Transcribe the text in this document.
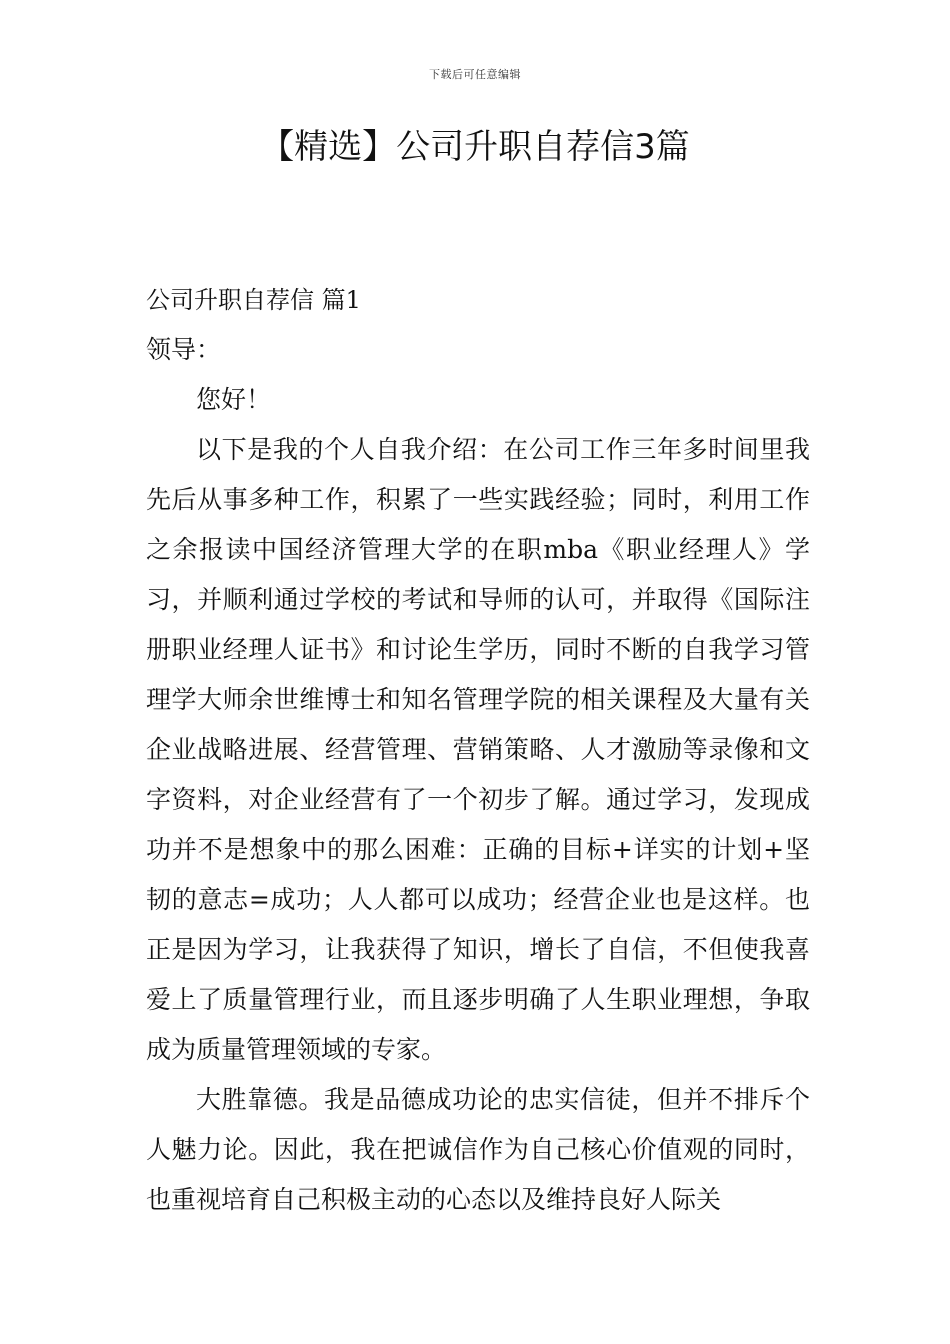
下载后可任意编辑
【精选】公司升职自荐信3篇

公司升职自荐信 篇1

领导：

您好！

以下是我的个人自我介绍：在公司工作三年多时间里我先后从事多种工作，积累了一些实践经验；同时，利用工作之余报读中国经济管理大学的在职mba《职业经理人》学习，并顺利通过学校的考试和导师的认可，并取得《国际注册职业经理人证书》和讨论生学历，同时不断的自我学习管理学大师余世维博士和知名管理学院的相关课程及大量有关企业战略进展、经营管理、营销策略、人才激励等录像和文字资料，对企业经营有了一个初步了解。通过学习，发现成功并不是想象中的那么困难：正确的目标+详实的计划+坚韧的意志=成功；人人都可以成功；经营企业也是这样。也正是因为学习，让我获得了知识，增长了自信，不但使我喜爱上了质量管理行业，而且逐步明确了人生职业理想，争取成为质量管理领域的专家。

大胜靠德。我是品德成功论的忠实信徒，但并不排斥个人魅力论。因此，我在把诚信作为自己核心价值观的同时，也重视培育自己积极主动的心态以及维持良好人际关
